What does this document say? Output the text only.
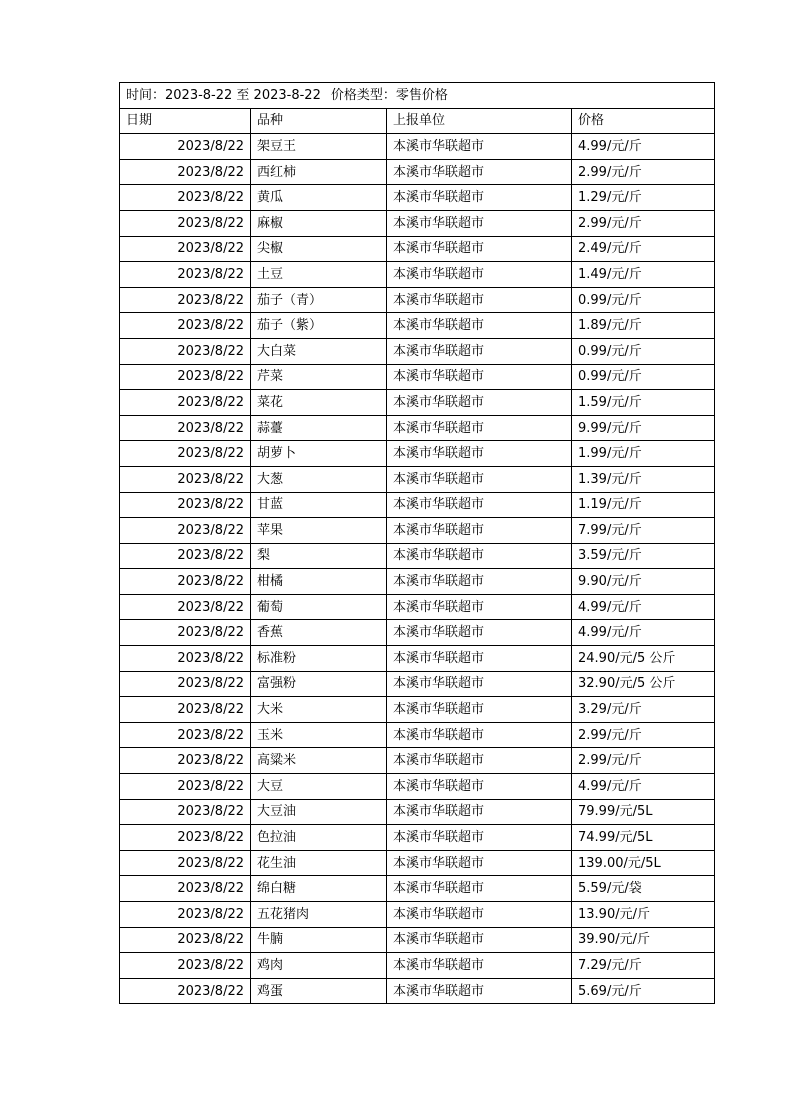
时间：2023-8-22 至 2023-8-22 价格类型：零售价格			
日期	品种	上报单位	价格
2023/8/22	架豆王	本溪市华联超市	4.99/元/斤
2023/8/22	西红柿	本溪市华联超市	2.99/元/斤
2023/8/22	黄瓜	本溪市华联超市	1.29/元/斤
2023/8/22	麻椒	本溪市华联超市	2.99/元/斤
2023/8/22	尖椒	本溪市华联超市	2.49/元/斤
2023/8/22	土豆	本溪市华联超市	1.49/元/斤
2023/8/22	茄子（青）	本溪市华联超市	0.99/元/斤
2023/8/22	茄子（紫）	本溪市华联超市	1.89/元/斤
2023/8/22	大白菜	本溪市华联超市	0.99/元/斤
2023/8/22	芹菜	本溪市华联超市	0.99/元/斤
2023/8/22	菜花	本溪市华联超市	1.59/元/斤
2023/8/22	蒜薹	本溪市华联超市	9.99/元/斤
2023/8/22	胡萝卜	本溪市华联超市	1.99/元/斤
2023/8/22	大葱	本溪市华联超市	1.39/元/斤
2023/8/22	甘蓝	本溪市华联超市	1.19/元/斤
2023/8/22	苹果	本溪市华联超市	7.99/元/斤
2023/8/22	梨	本溪市华联超市	3.59/元/斤
2023/8/22	柑橘	本溪市华联超市	9.90/元/斤
2023/8/22	葡萄	本溪市华联超市	4.99/元/斤
2023/8/22	香蕉	本溪市华联超市	4.99/元/斤
2023/8/22	标准粉	本溪市华联超市	24.90/元/5 公斤
2023/8/22	富强粉	本溪市华联超市	32.90/元/5 公斤
2023/8/22	大米	本溪市华联超市	3.29/元/斤
2023/8/22	玉米	本溪市华联超市	2.99/元/斤
2023/8/22	高粱米	本溪市华联超市	2.99/元/斤
2023/8/22	大豆	本溪市华联超市	4.99/元/斤
2023/8/22	大豆油	本溪市华联超市	79.99/元/5L
2023/8/22	色拉油	本溪市华联超市	74.99/元/5L
2023/8/22	花生油	本溪市华联超市	139.00/元/5L
2023/8/22	绵白糖	本溪市华联超市	5.59/元/袋
2023/8/22	五花猪肉	本溪市华联超市	13.90/元/斤
2023/8/22	牛腩	本溪市华联超市	39.90/元/斤
2023/8/22	鸡肉	本溪市华联超市	7.29/元/斤
2023/8/22	鸡蛋	本溪市华联超市	5.69/元/斤
